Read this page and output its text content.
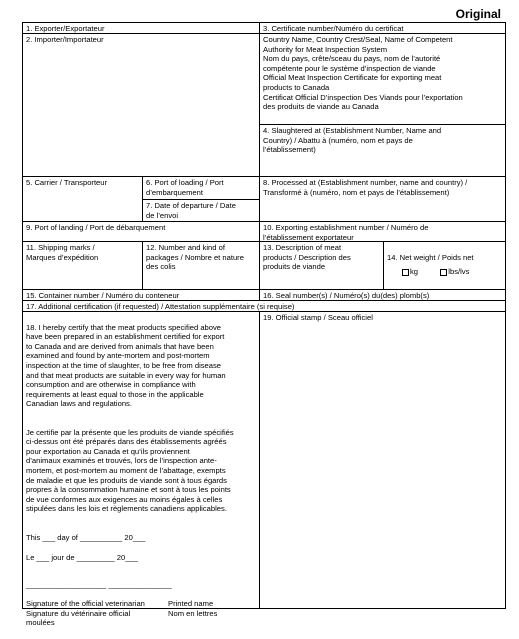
Original
1. Exporter/Exportateur	3. Certificate number/Numéro du certificat
2. Importer/Importateur	Country Name, Country Crest/Seal, Name of Competent
Authority for Meat Inspection System
Nom du pays, crête/sceau du pays, nom de l’autorité
compétente pour le système d’inspection de viande
Official Meat Inspection Certificate for exporting meat
products to Canada
Certificat Official D’inspection Des Viands pour l’exportation
des produits de viande au Canada
4. Slaughtered at (Establishment Number, Name and
Country) / Abattu à (numéro, nom et pays de
l’établissement)
5. Carrier / Transporteur	6. Port of loading / Port
d’embarquement
7. Date of departure / Date
de l’envoi
8. Processed at (Establishment number, name and country) /
Transformé à (numéro, nom et pays de l’établissement)
9. Port of landing / Port de débarquement	10. Exporting establishment number / Numéro de
l’établissement exportateur
11. Shipping marks /
Marques d’expédition
12. Number and kind of
packages / Nombre et nature
des colis
13. Description of meat
products / Description des
produits de viande

14. Net weight / Poids net

kg	lbs/lvs

15. Container number / Numéro du conteneur	16. Seal number(s) / Numéro(s) du(des) plomb(s)
17. Additional certification (if requested) / Attestation supplémentaire (si requise)

18. I hereby certify that the meat products specified above
have been prepared in an establishment certified for export
to Canada and are derived from animals that have been
examined and found by ante-mortem and post-mortem
inspection at the time of slaughter, to be free from disease
and that meat products are suitable in every way for human
consumption and are otherwise in compliance with
requirements at least equal to those in the applicable
Canadian laws and regulations.

Je certifie par la présente que les produits de viande spécifiés
ci-dessus ont été préparés dans des établissements agréés
pour exportation au Canada et qu’ils proviennent
d’animaux examinés et trouvés, lors de l’inspection ante-
mortem, et post-mortem au moment de l’abattage, exempts
de maladie et que les produits de viande sont à tous égards
propres à la consommation humaine et sont à tous les points
de vue conformes aux exigences au moins égales à celles
stipulées dans les lois et règlements canadiens applicables.

This ___ day of __________ 20___

Le ___ jour de _________ 20___

___________________ _______________

Signature of the official veterinarian
Signature du vétérinaire official
moulées

Printed name
Nom en lettres

19. Official stamp / Sceau officiel
